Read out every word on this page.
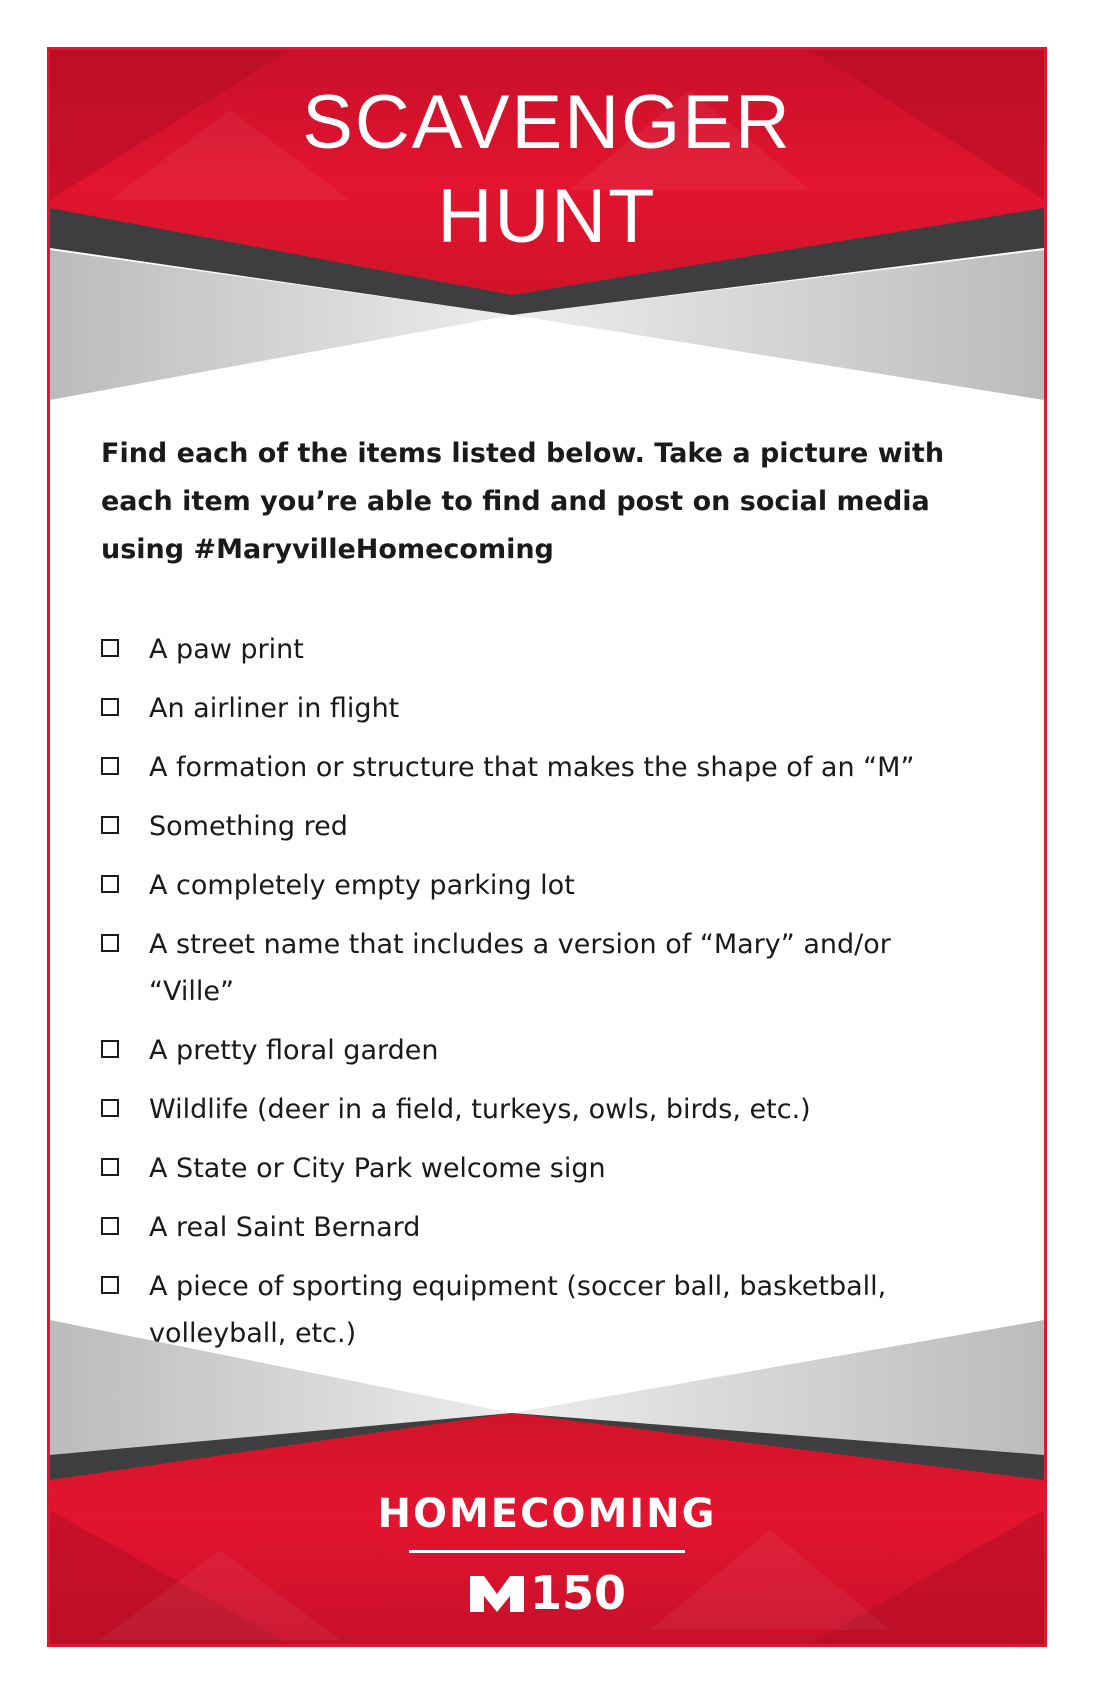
SCAVENGER
HUNT
Find each of the items listed below. Take a picture with each item you’re able to find and post on social media using #MaryvilleHomecoming
A paw print
An airliner in flight
A formation or structure that makes the shape of an “M”
Something red
A completely empty parking lot
A street name that includes a version of “Mary” and/or “Ville”
A pretty floral garden
Wildlife (deer in a field, turkeys, owls, birds, etc.)
A State or City Park welcome sign
A real Saint Bernard
A piece of sporting equipment (soccer ball, basketball, volleyball, etc.)
HOMECOMING
150
